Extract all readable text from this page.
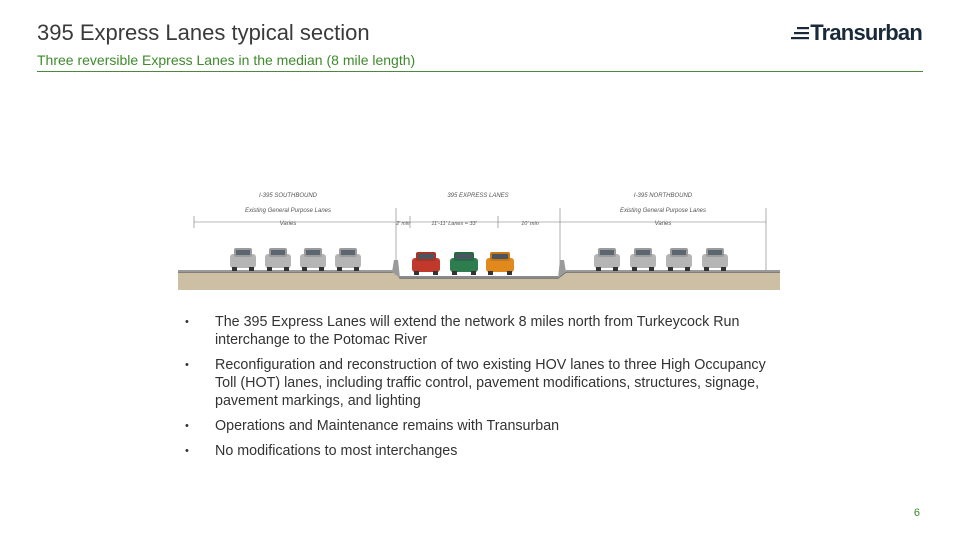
395 Express Lanes typical section
Three reversible Express Lanes in the median (8 mile length)
Transurban
I-395 SOUTHBOUND
Existing General Purpose Lanes
395 EXPRESS LANES	I-395 NORTHBOUND
Existing General Purpose Lanes
Varies	2' min	11'-11' Lanes = 33'	10' min	Varies
• The 395 Express Lanes will extend the network 8 miles north from Turkeycock Run interchange to the Potomac River
• Reconfiguration and reconstruction of two existing HOV lanes to three High Occupancy Toll (HOT) lanes, including traffic control, pavement modifications, structures, signage, pavement markings, and lighting
• Operations and Maintenance remains with Transurban
• No modifications to most interchanges
6
